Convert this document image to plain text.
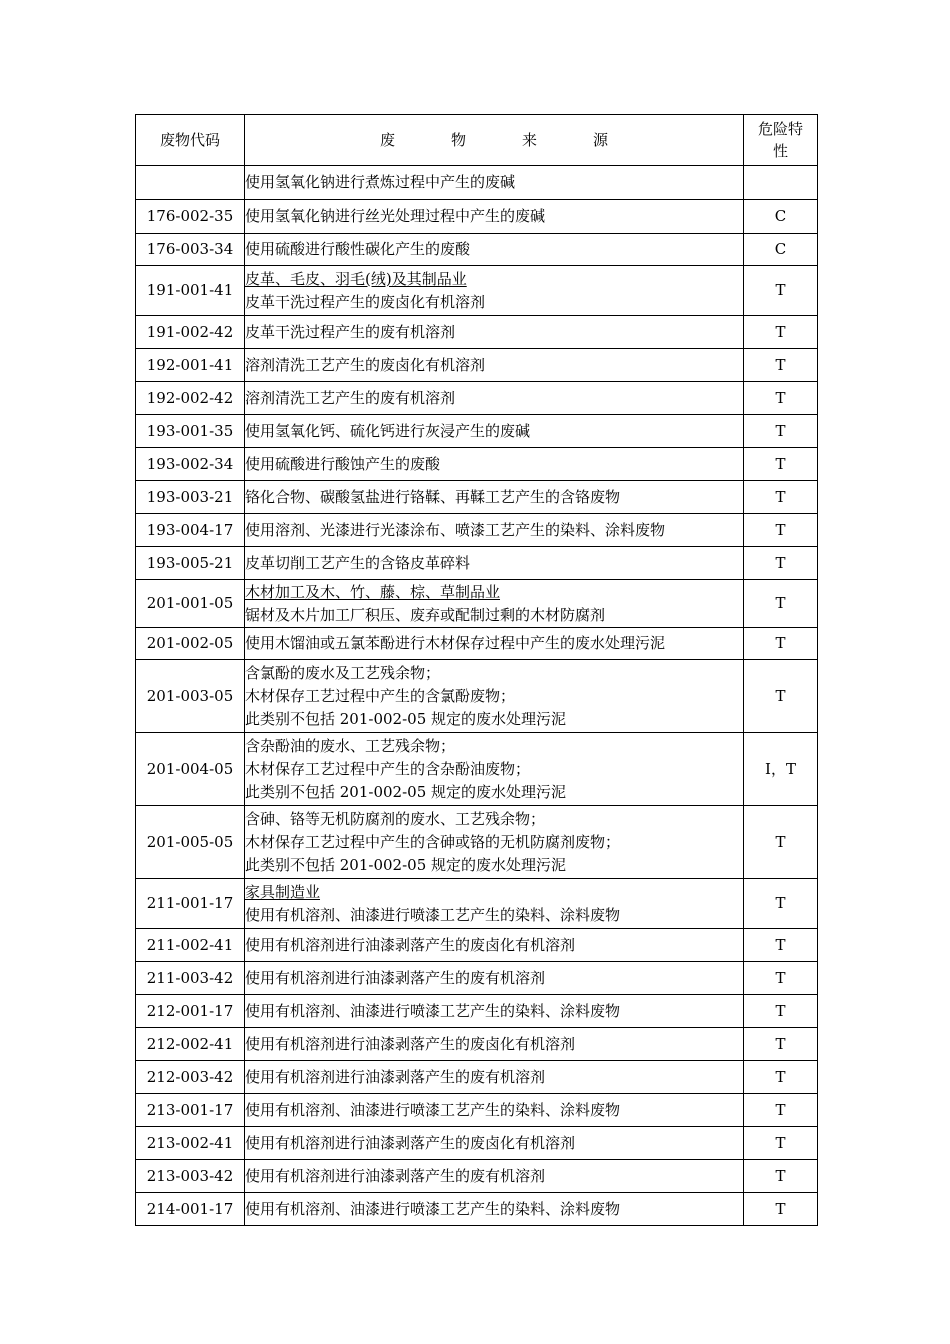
废物代码	废 物 来 源	危险特
性

	使用氢氧化钠进行煮炼过程中产生的废碱	

176-002-35	使用氢氧化钠进行丝光处理过程中产生的废碱	C
176-003-34	使用硫酸进行酸性碳化产生的废酸	C
191-001-41	皮革、毛皮、羽毛(绒)及其制品业
皮革干洗过程产生的废卤化有机溶剂	T
191-002-42	皮革干洗过程产生的废有机溶剂	T
192-001-41	溶剂清洗工艺产生的废卤化有机溶剂	T
192-002-42	溶剂清洗工艺产生的废有机溶剂	T
193-001-35	使用氢氧化钙、硫化钙进行灰浸产生的废碱	T
193-002-34	使用硫酸进行酸蚀产生的废酸	T
193-003-21	铬化合物、碳酸氢盐进行铬鞣、再鞣工艺产生的含铬废物	T
193-004-17	使用溶剂、光漆进行光漆涂布、喷漆工艺产生的染料、涂料废物	T
193-005-21	皮革切削工艺产生的含铬皮革碎料	T
201-001-05	木材加工及木、竹、藤、棕、草制品业
锯材及木片加工厂积压、废弃或配制过剩的木材防腐剂	T
201-002-05	使用木馏油或五氯苯酚进行木材保存过程中产生的废水处理污泥	T
201-003-05	含氯酚的废水及工艺残余物；
木材保存工艺过程中产生的含氯酚废物；
此类别不包括 201-002-05 规定的废水处理污泥	T
201-004-05	含杂酚油的废水、工艺残余物；
木材保存工艺过程中产生的含杂酚油废物；
此类别不包括 201-002-05 规定的废水处理污泥	I，T
201-005-05	含砷、铬等无机防腐剂的废水、工艺残余物；
木材保存工艺过程中产生的含砷或铬的无机防腐剂废物；
此类别不包括 201-002-05 规定的废水处理污泥	T
211-001-17	家具制造业
使用有机溶剂、油漆进行喷漆工艺产生的染料、涂料废物	T
211-002-41	使用有机溶剂进行油漆剥落产生的废卤化有机溶剂	T
211-003-42	使用有机溶剂进行油漆剥落产生的废有机溶剂	T
212-001-17	使用有机溶剂、油漆进行喷漆工艺产生的染料、涂料废物	T
212-002-41	使用有机溶剂进行油漆剥落产生的废卤化有机溶剂	T
212-003-42	使用有机溶剂进行油漆剥落产生的废有机溶剂	T
213-001-17	使用有机溶剂、油漆进行喷漆工艺产生的染料、涂料废物	T
213-002-41	使用有机溶剂进行油漆剥落产生的废卤化有机溶剂	T
213-003-42	使用有机溶剂进行油漆剥落产生的废有机溶剂	T
214-001-17	使用有机溶剂、油漆进行喷漆工艺产生的染料、涂料废物	T
